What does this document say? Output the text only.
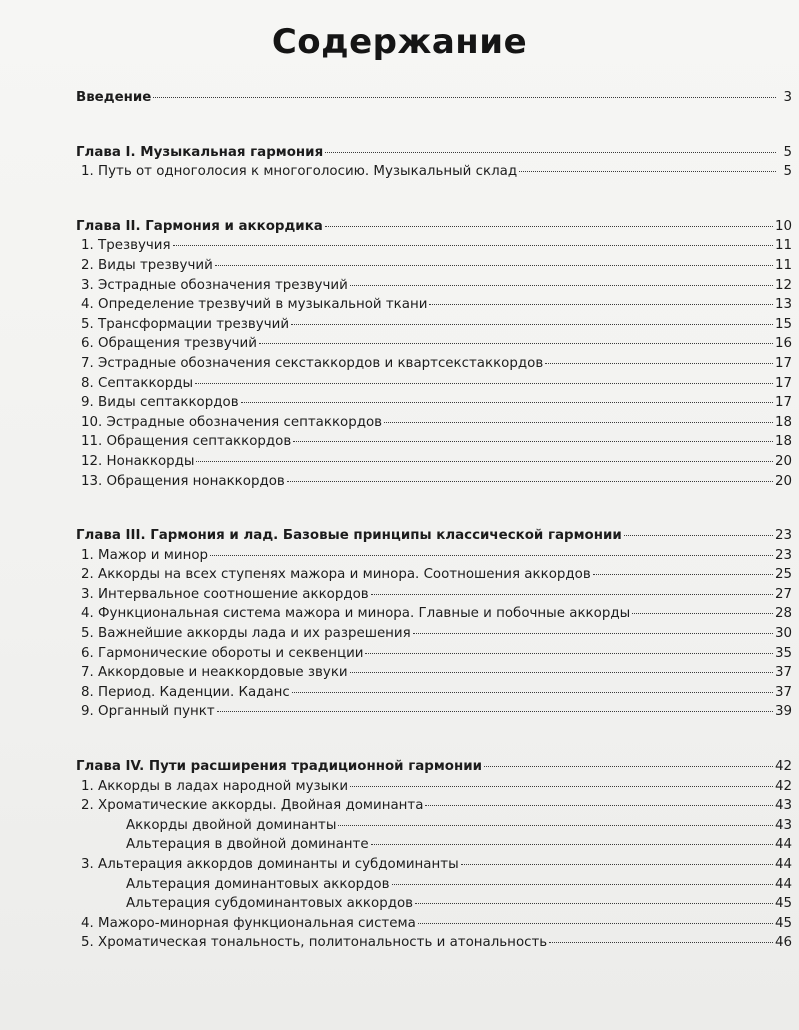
Содержание
Введение	3
Глава I. Музыкальная гармония	5
1. Путь от одноголосия к многоголосию. Музыкальный склад	5
Глава II. Гармония и аккордика	10
1. Трезвучия	11
2. Виды трезвучий	11
3. Эстрадные обозначения трезвучий	12
4. Определение трезвучий в музыкальной ткани	13
5. Трансформации трезвучий	15
6. Обращения трезвучий	16
7. Эстрадные обозначения секстаккордов и квартсекстаккордов	17
8. Септаккорды	17
9. Виды септаккордов	17
10. Эстрадные обозначения септаккордов	18
11. Обращения септаккордов	18
12. Нонаккорды	20
13. Обращения нонаккордов	20
Глава III. Гармония и лад. Базовые принципы классической гармонии	23
1. Мажор и минор	23
2. Аккорды на всех ступенях мажора и минора. Соотношения аккордов	25
3. Интервальное соотношение аккордов	27
4. Функциональная система мажора и минора. Главные и побочные аккорды	28
5. Важнейшие аккорды лада и их разрешения	30
6. Гармонические обороты и секвенции	35
7. Аккордовые и неаккордовые звуки	37
8. Период. Каденции. Каданс	37
9. Органный пункт	39
Глава IV. Пути расширения традиционной гармонии	42
1. Аккорды в ладах народной музыки	42
2. Хроматические аккорды. Двойная доминанта	43
Аккорды двойной доминанты	43
Альтерация в двойной доминанте	44
3. Альтерация аккордов доминанты и субдоминанты	44
Альтерация доминантовых аккордов	44
Альтерация субдоминантовых аккордов	45
4. Мажоро-минорная функциональная система	45
5. Хроматическая тональность, политональность и атональность	46
